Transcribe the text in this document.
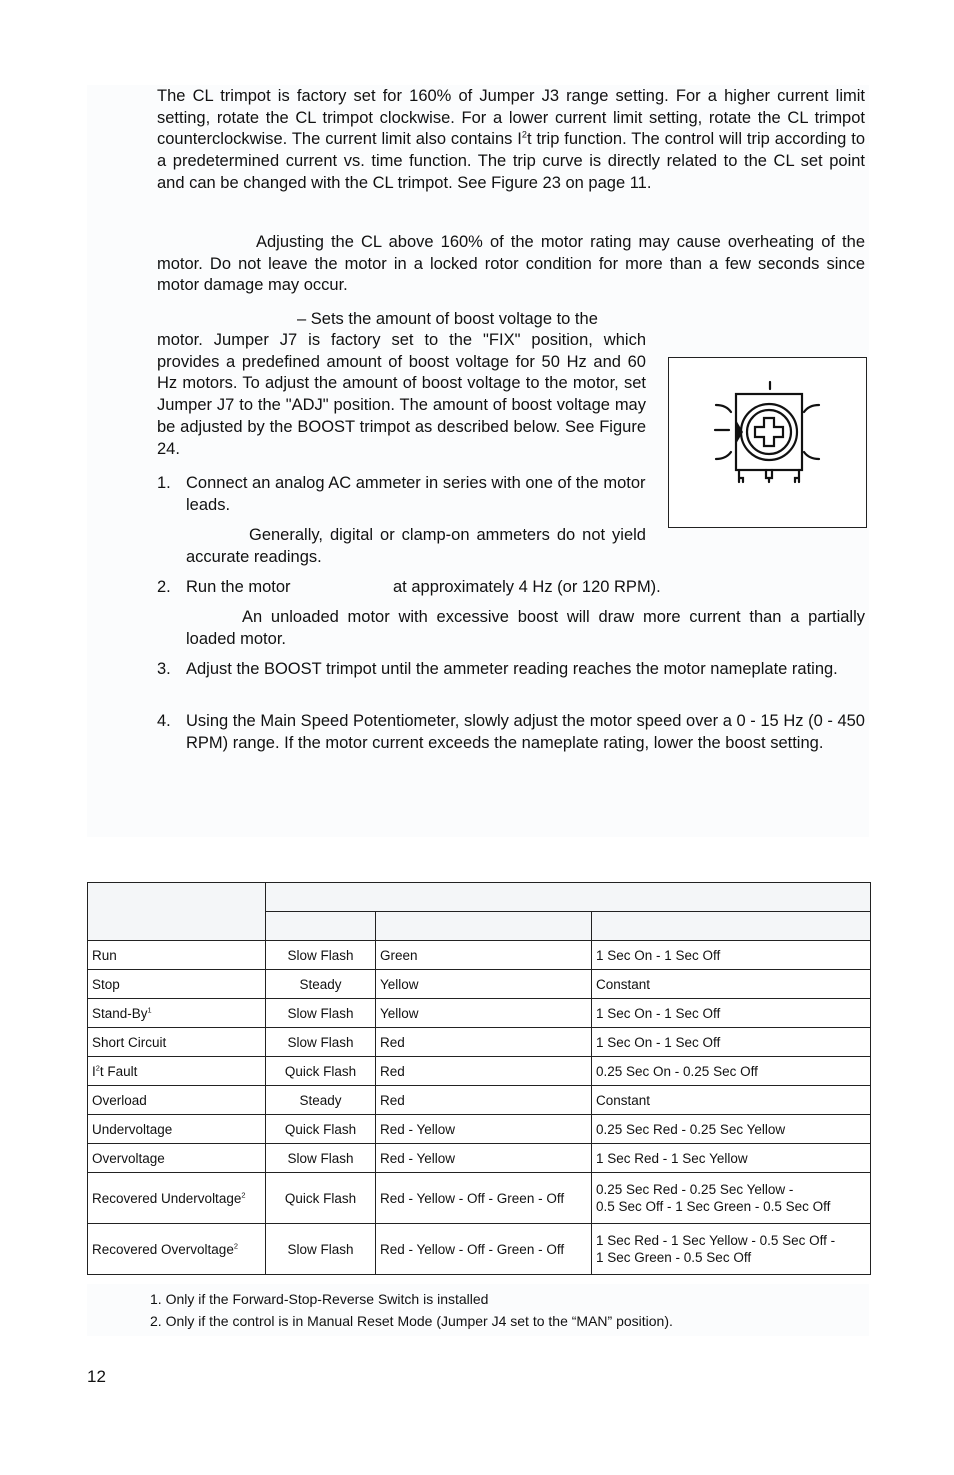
The CL trimpot is factory set for 160% of Jumper J3 range setting. For a higher current limit setting, rotate the CL trimpot clockwise. For a lower current limit setting, rotate the CL trimpot counterclockwise. The current limit also contains $I^2t$ trip function. The control will trip according to a predetermined current vs. time function. The trip curve is directly related to the CL set point and can be changed with the CL trimpot. See Figure 23 on page 11.

Adjusting the CL above 160% of the motor rating may cause overheating of the motor. Do not leave the motor in a locked rotor condition for more than a few seconds since motor damage may occur.

– Sets the amount of boost voltage to the

motor. Jumper J7 is factory set to the "FIX" position, which provides a predefined amount of boost voltage for 50 Hz and 60 Hz motors. To adjust the amount of boost voltage to the motor, set Jumper J7 to the "ADJ" position. The amount of boost voltage may be adjusted by the BOOST trimpot as described below. See Figure 24.

1. Connect an analog AC ammeter in series with one of the motor leads.

Generally, digital or clamp-on ammeters do not yield accurate readings.

2. Run the motor	at approximately 4 Hz (or 120 RPM).

An unloaded motor with excessive boost will draw more current than a partially loaded motor.

3. Adjust the BOOST trimpot until the ammeter reading reaches the motor nameplate rating.

4. Using the Main Speed Potentiometer, slowly adjust the motor speed over a 0 - 15 Hz (0 - 450 RPM) range. If the motor current exceeds the nameplate rating, lower the boost setting.

Run	Slow Flash	Green	1 Sec On - 1 Sec Off
Stop	Steady	Yellow	Constant
Stand-By$^1$	Slow Flash	Yellow	1 Sec On - 1 Sec Off
Short Circuit	Slow Flash	Red	1 Sec On - 1 Sec Off
$I^2t$ Fault	Quick Flash	Red	0.25 Sec On - 0.25 Sec Off
Overload	Steady	Red	Constant
Undervoltage	Quick Flash	Red - Yellow	0.25 Sec Red - 0.25 Sec Yellow
Overvoltage	Slow Flash	Red - Yellow	1 Sec Red - 1 Sec Yellow
Recovered Undervoltage$^2$	Quick Flash	Red - Yellow - Off - Green - Off	0.25 Sec Red - 0.25 Sec Yellow -
0.5 Sec Off - 1 Sec Green - 0.5 Sec Off
Recovered Overvoltage$^2$	Slow Flash	Red - Yellow - Off - Green - Off	1 Sec Red - 1 Sec Yellow - 0.5 Sec Off -
1 Sec Green - 0.5 Sec Off
1. Only if the Forward-Stop-Reverse Switch is installed
2. Only if the control is in Manual Reset Mode (Jumper J4 set to the “MAN” position).
12
